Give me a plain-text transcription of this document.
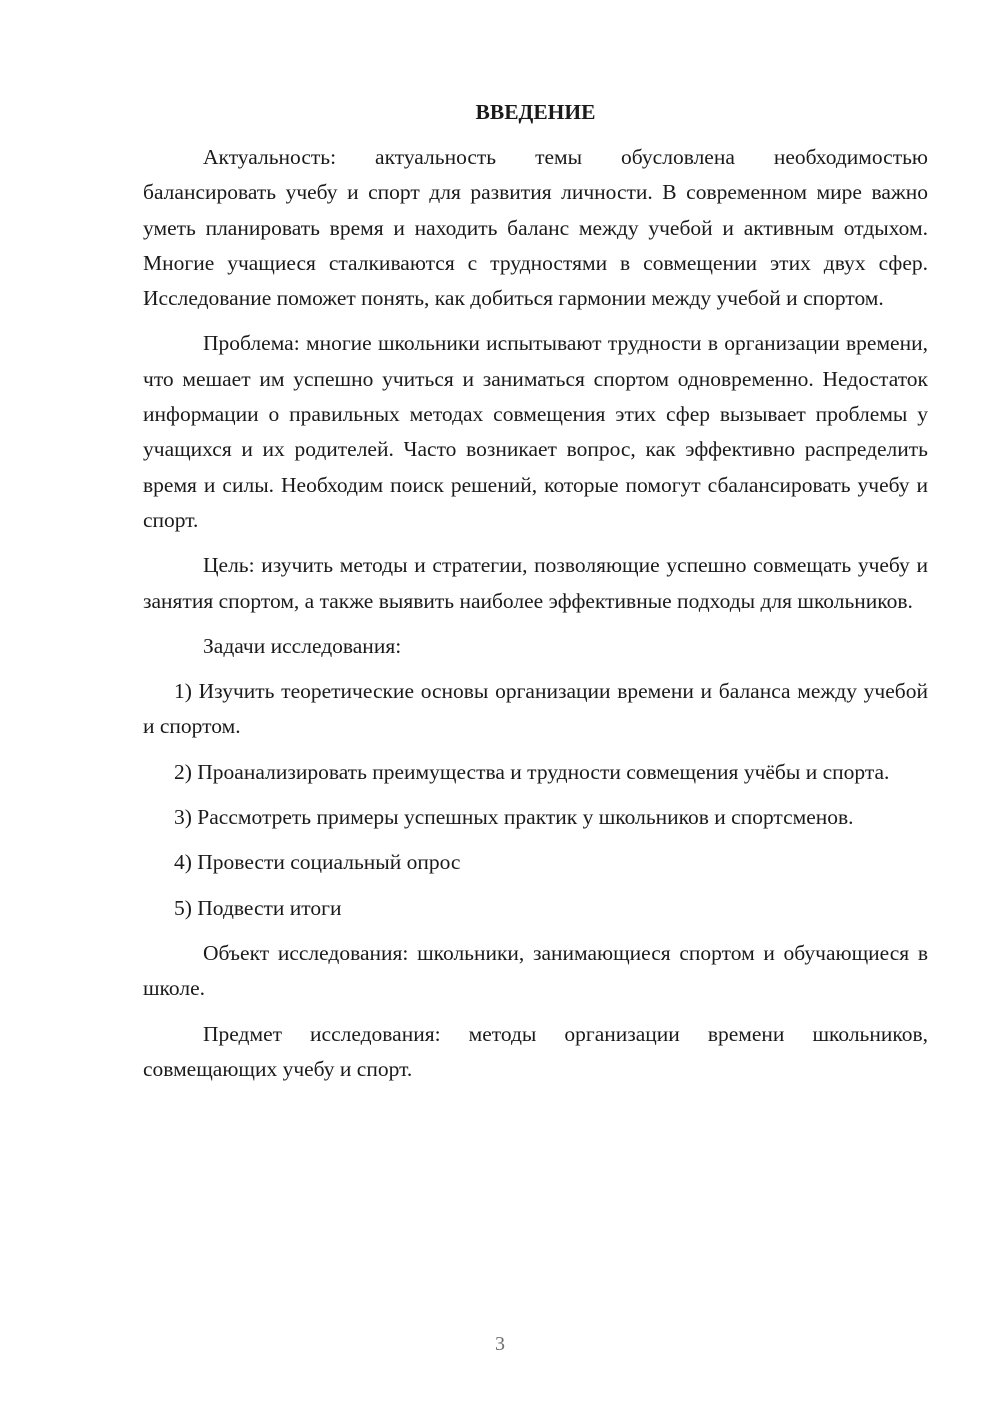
ВВЕДЕНИЕ

Актуальность: актуальность темы обусловлена необходимостью балансировать учебу и спорт для развития личности. В современном мире важно уметь планировать время и находить баланс между учебой и активным отдыхом. Многие учащиеся сталкиваются с трудностями в совмещении этих двух сфер. Исследование поможет понять, как добиться гармонии между учебой и спортом.

Проблема: многие школьники испытывают трудности в организации времени, что мешает им успешно учиться и заниматься спортом одновременно. Недостаток информации о правильных методах совмещения этих сфер вызывает проблемы у учащихся и их родителей. Часто возникает вопрос, как эффективно распределить время и силы. Необходим поиск решений, которые помогут сбалансировать учебу и спорт.

Цель: изучить методы и стратегии, позволяющие успешно совмещать учебу и занятия спортом, а также выявить наиболее эффективные подходы для школьников.

Задачи исследования:

1) Изучить теоретические основы организации времени и баланса между учебой и спортом.

2) Проанализировать преимущества и трудности совмещения учёбы и спорта.

3) Рассмотреть примеры успешных практик у школьников и спортсменов.

4) Провести социальный опрос

5) Подвести итоги

Объект исследования: школьники, занимающиеся спортом и обучающиеся в школе.

Предмет исследования: методы организации времени школьников, совмещающих учебу и спорт.

3
